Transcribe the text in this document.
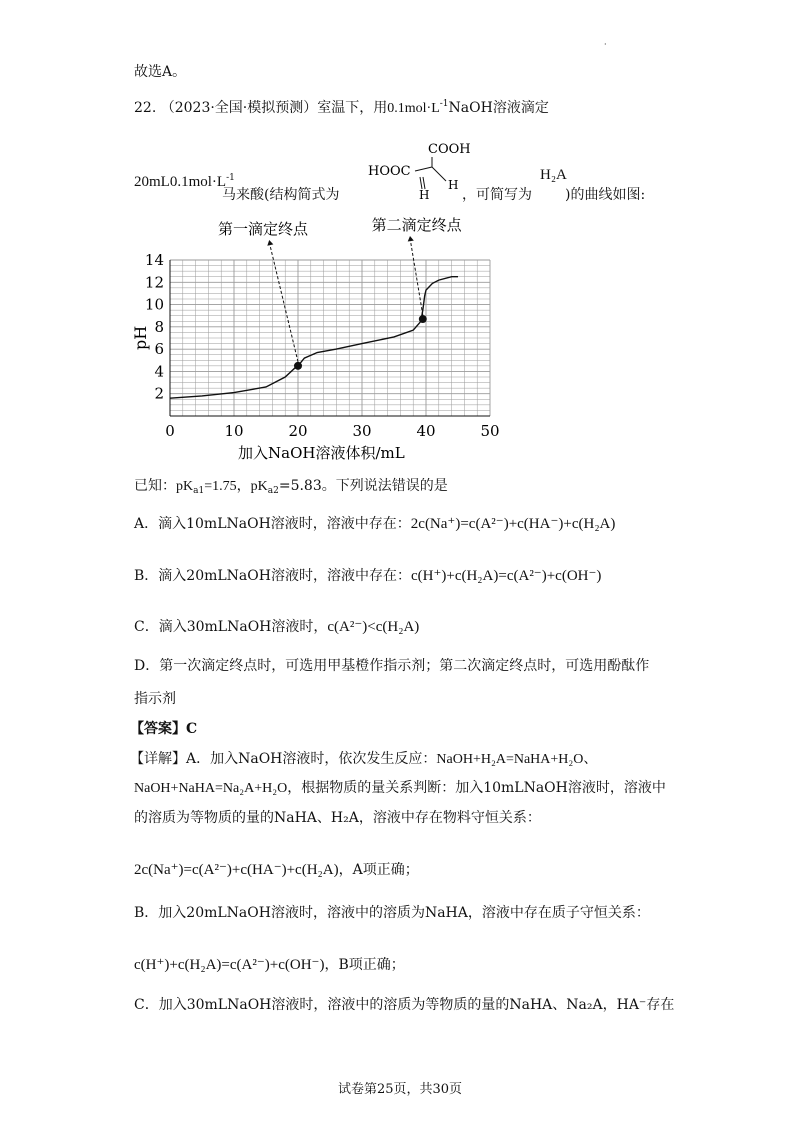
·
故选A。
22. （2023·全国·模拟预测）室温下，用$0.1mol\cdot L^{-1}NaOH$溶液滴定
$20mL0.1mol\cdot L^{-1}$
马来酸(结构简式为	，可简写为
H₂A
)的曲线如图:
COOH
HOOC
H
H
0	10	20	30	40	50
2
4
6
8
10
12
14
第一滴定终点	第二滴定终点
pH
加入NaOH溶液体积/mL
已知：$pK_{a1}=1.75$，$pK_{a2}=5.83$。下列说法错误的是
A．滴入10mLNaOH溶液时，溶液中存在：2c(Na⁺)=c(A²⁻)+c(HA⁻)+c(H₂A)
B．滴入20mLNaOH溶液时，溶液中存在：c(H⁺)+c(H₂A)=c(A²⁻)+c(OH⁻)
C．滴入30mLNaOH溶液时，c(A²⁻)<c(H₂A)
D．第一次滴定终点时，可选用甲基橙作指示剂；第二次滴定终点时，可选用酚酞作
指示剂
【答案】C
【详解】A．加入NaOH溶液时，依次发生反应：NaOH+H₂A=NaHA+H₂O、
NaOH+NaHA=Na₂A+H₂O，根据物质的量关系判断：加入10mLNaOH溶液时，溶液中
的溶质为等物质的量的NaHA、H₂A，溶液中存在物料守恒关系：
2c(Na⁺)=c(A²⁻)+c(HA⁻)+c(H₂A)，A项正确；
B．加入20mLNaOH溶液时，溶液中的溶质为NaHA，溶液中存在质子守恒关系：
c(H⁺)+c(H₂A)=c(A²⁻)+c(OH⁻)，B项正确；
C．加入30mLNaOH溶液时，溶液中的溶质为等物质的量的NaHA、Na₂A，HA⁻存在
试卷第25页，共30页
